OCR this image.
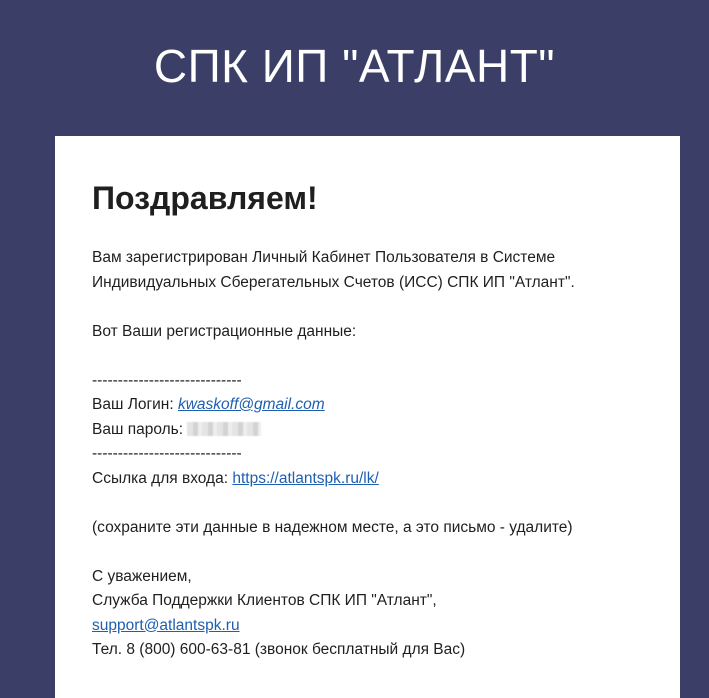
СПК ИП "АТЛАНТ"
Поздравляем!

Вам зарегистрирован Личный Кабинет Пользователя в Системе Индивидуальных Сберегательных Счетов (ИСС) СПК ИП "Атлант".

Вот Ваши регистрационные данные:

-----------------------------

Ваш Логин: kwaskoff@gmail.com

Ваш пароль:

-----------------------------

Ссылка для входа: https://atlantspk.ru/lk/

(сохраните эти данные в надежном месте, а это письмо - удалите)

С уважением,

Служба Поддержки Клиентов СПК ИП "Атлант",

support@atlantspk.ru

Тел. 8 (800) 600-63-81 (звонок бесплатный для Вас)
